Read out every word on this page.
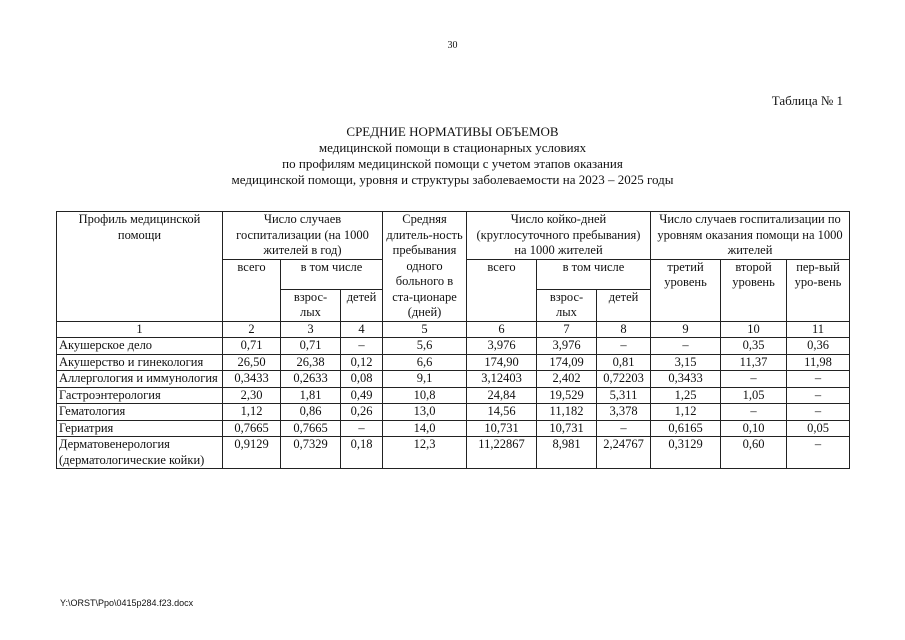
30
Таблица № 1
СРЕДНИЕ НОРМАТИВЫ ОБЪЕМОВ
медицинской помощи в стационарных условиях
по профилям медицинской помощи с учетом этапов оказания
медицинской помощи, уровня и структуры заболеваемости на 2023 – 2025 годы
Профиль медицинской помощи	Число случаев госпитализации (на 1000 жителей в год)			Средняя длитель-ность пребывания одного больного в ста-ционаре (дней)	Число койко-дней (круглосуточного пребывания) на 1000 жителей			Число случаев госпитализации по уровням оказания помощи на 1000 жителей		
	всего	в том числе			всего	в том числе		третий уровень	второй уровень	пер-вый уро-вень
		взрос-лых	детей			взрос-лых	детей			
1	2	3	4	5	6	7	8	9	10	11
Акушерское дело	0,71	0,71	–	5,6	3,976	3,976	–	–	0,35	0,36
Акушерство и гинекология	26,50	26,38	0,12	6,6	174,90	174,09	0,81	3,15	11,37	11,98
Аллергология и иммунология	0,3433	0,2633	0,08	9,1	3,12403	2,402	0,72203	0,3433	–	–
Гастроэнтерология	2,30	1,81	0,49	10,8	24,84	19,529	5,311	1,25	1,05	–
Гематология	1,12	0,86	0,26	13,0	14,56	11,182	3,378	1,12	–	–
Гериатрия	0,7665	0,7665	–	14,0	10,731	10,731	–	0,6165	0,10	0,05
Дерматовенерология (дерматологические койки)	0,9129	0,7329	0,18	12,3	11,22867	8,981	2,24767	0,3129	0,60	–
Y:\ORST\Ppo\0415p284.f23.docx
